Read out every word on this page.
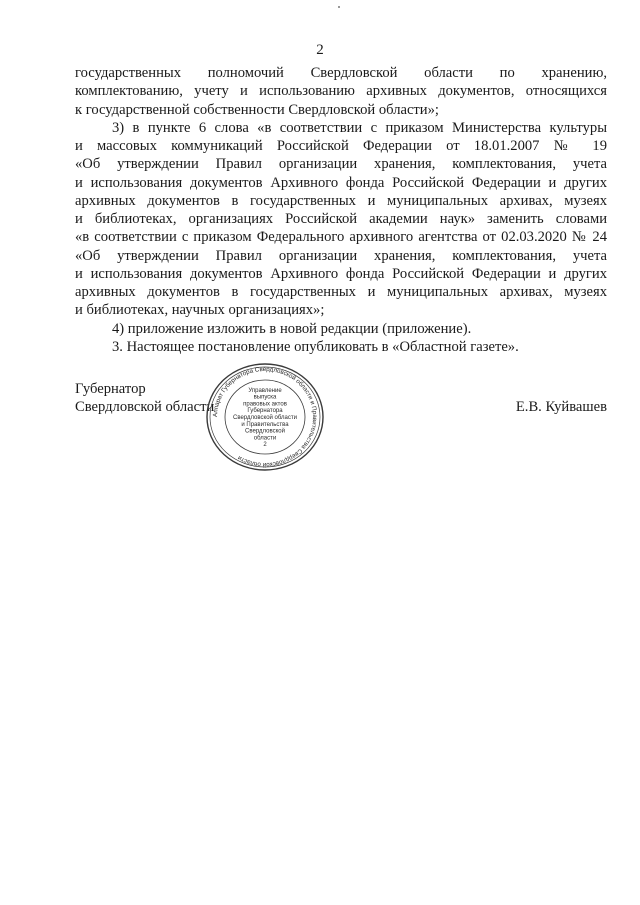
2
государственных полномочий Свердловской области по хранению,
комплектованию, учету и использованию архивных документов, относящихся
к государственной собственности Свердловской области»;
3) в пункте 6 слова «в соответствии с приказом Министерства культуры
и массовых коммуникаций Российской Федерации от 18.01.2007 № 19
«Об утверждении Правил организации хранения, комплектования, учета
и использования документов Архивного фонда Российской Федерации и других
архивных документов в государственных и муниципальных архивах, музеях
и библиотеках, организациях Российской академии наук» заменить словами
«в соответствии с приказом Федерального архивного агентства от 02.03.2020 № 24
«Об утверждении Правил организации хранения, комплектования, учета
и использования документов Архивного фонда Российской Федерации и других
архивных документов в государственных и муниципальных архивах, музеях
и библиотеках, научных организациях»;
4) приложение изложить в новой редакции (приложение).
3. Настоящее постановление опубликовать в «Областной газете».
Губернатор
Свердловской области	Е.В. Куйвашев
Аппарат Губернатора Свердловской области и Правительства Свердловской области
Управление
выпуска
правовых актов
Губернатора
Свердловской области
и Правительства
Свердловской
области
2
